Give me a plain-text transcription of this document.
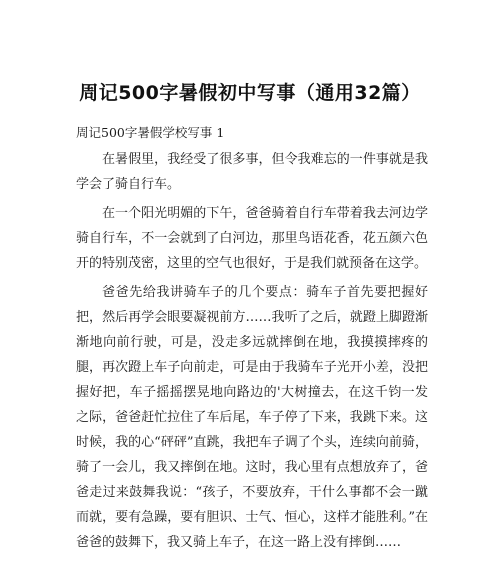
周记500字暑假初中写事（通用32篇）

周记500字暑假学校写事 1

在暑假里，我经受了很多事，但令我难忘的一件事就是我学会了骑自行车。

在一个阳光明媚的下午，爸爸骑着自行车带着我去河边学骑自行车，不一会就到了白河边，那里鸟语花香，花五颜六色开的特别茂密，这里的空气也很好，于是我们就预备在这学。

爸爸先给我讲骑车子的几个要点：骑车子首先要把握好把，然后再学会眼要凝视前方……我听了之后，就蹬上脚蹬渐渐地向前行驶，可是，没走多远就摔倒在地，我摸摸摔疼的腿，再次蹬上车子向前走，可是由于我骑车子光开小差，没把握好把，车子摇摇摆晃地向路边的'大树撞去，在这千钧一发之际，爸爸赶忙拉住了车后尾，车子停了下来，我跳下来。这时候，我的心“砰砰”直跳，我把车子调了个头，连续向前骑，骑了一会儿，我又摔倒在地。这时，我心里有点想放弃了，爸爸走过来鼓舞我说：“孩子，不要放弃，干什么事都不会一蹴而就，要有急躁，要有胆识、士气、恒心，这样才能胜利。”在爸爸的鼓舞下，我又骑上车子，在这一路上没有摔倒……
